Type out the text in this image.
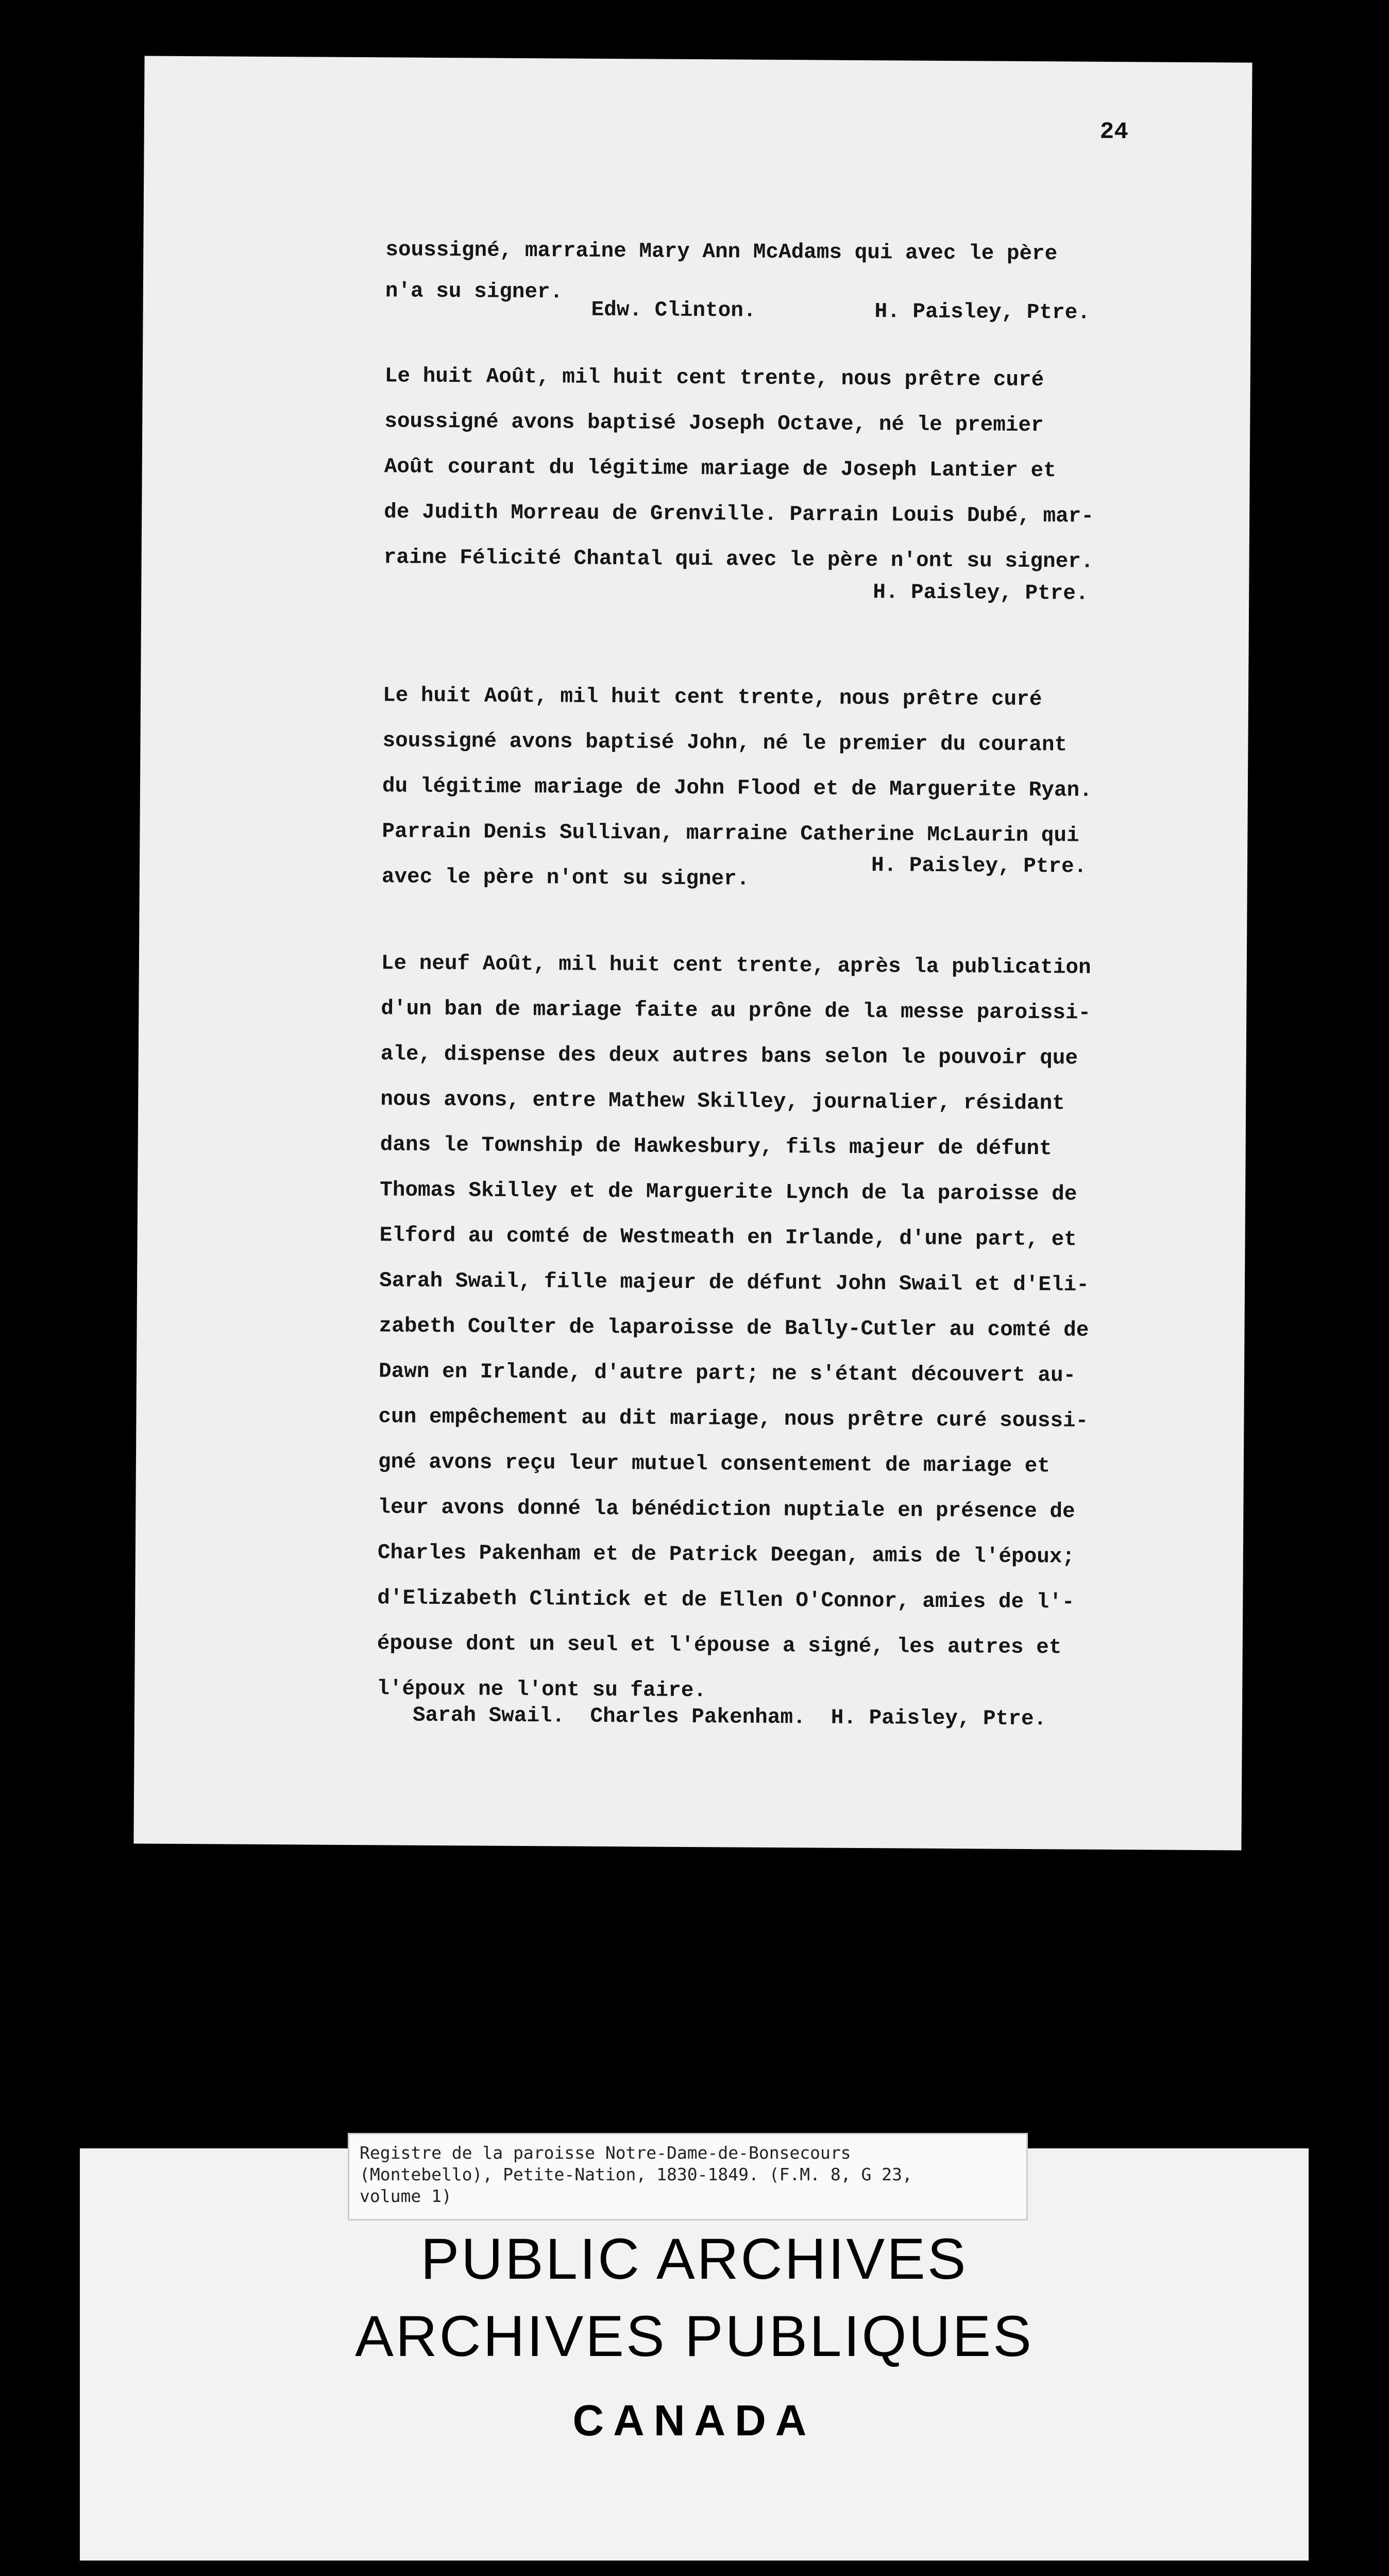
24
soussigné, marraine Mary Ann McAdams qui avec le père
n'a su signer.
Edw. Clinton.	H. Paisley, Ptre.
Le huit Août, mil huit cent trente, nous prêtre curé
soussigné avons baptisé Joseph Octave, né le premier
Août courant du légitime mariage de Joseph Lantier et
de Judith Morreau de Grenville. Parrain Louis Dubé, mar-
raine Félicité Chantal qui avec le père n'ont su signer.
H. Paisley, Ptre.
Le huit Août, mil huit cent trente, nous prêtre curé
soussigné avons baptisé John, né le premier du courant
du légitime mariage de John Flood et de Marguerite Ryan.
Parrain Denis Sullivan, marraine Catherine McLaurin qui
avec le père n'ont su signer.	H. Paisley, Ptre.
Le neuf Août, mil huit cent trente, après la publication
d'un ban de mariage faite au prône de la messe paroissi-
ale, dispense des deux autres bans selon le pouvoir que
nous avons, entre Mathew Skilley, journalier, résidant
dans le Township de Hawkesbury, fils majeur de défunt
Thomas Skilley et de Marguerite Lynch de la paroisse de
Elford au comté de Westmeath en Irlande, d'une part, et
Sarah Swail, fille majeur de défunt John Swail et d'Eli-
zabeth Coulter de laparoisse de Bally-Cutler au comté de
Dawn en Irlande, d'autre part; ne s'étant découvert au-
cun empêchement au dit mariage, nous prêtre curé soussi-
gné avons reçu leur mutuel consentement de mariage et
leur avons donné la bénédiction nuptiale en présence de
Charles Pakenham et de Patrick Deegan, amis de l'époux;
d'Elizabeth Clintick et de Ellen O'Connor, amies de l'-
épouse dont un seul et l'épouse a signé, les autres et
l'époux ne l'ont su faire.
Sarah Swail.  Charles Pakenham.  H. Paisley, Ptre.
Registre de la paroisse Notre-Dame-de-Bonsecours
(Montebello), Petite-Nation, 1830-1849. (F.M. 8, G 23,
volume 1)
PUBLIC ARCHIVES
ARCHIVES PUBLIQUES
CANADA
